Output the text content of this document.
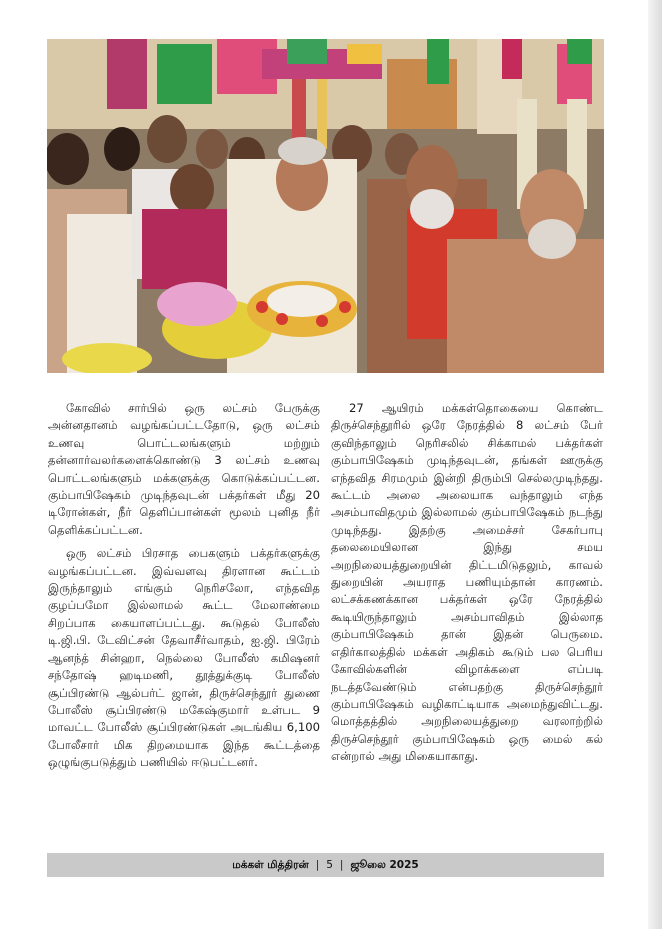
கோவில் சார்பில் ஒரு லட்சம் பேருக்கு அன்னதானம் வழங்கப்பட்டதோடு, ஒரு லட்சம் உணவு பொட்டலங்களும் மற்றும் தன்னார்வலர்களைக்கொண்டு 3 லட்சம் உணவு பொட்டலங்களும் மக்களுக்கு கொடுக்கப்பட்டன. கும்பாபிஷேகம் முடிந்தவுடன் பக்தர்கள் மீது 20 டிரோன்கள், நீர் தெளிப்பான்கள் மூலம் புனித நீர் தெளிக்கப்பட்டன.

ஒரு லட்சம் பிரசாத பைகளும் பக்தர்களுக்கு வழங்கப்பட்டன. இவ்வளவு திரளான கூட்டம் இருந்தாலும் எங்கும் நெரிசலோ, எந்தவித குழப்பமோ இல்லாமல் கூட்ட மேலாண்மை சிறப்பாக கையாளப்பட்டது. கூடுதல் போலீஸ் டி.ஜி.பி. டேவிட்சன் தேவாசீர்வாதம், ஐ.ஜி. பிரேம் ஆனந்த் சின்ஹா, நெல்லை போலீஸ் கமிஷனர் சந்தோஷ் ஹடிமணி, தூத்துக்குடி போலீஸ் சூப்பிரண்டு ஆல்பர்ட் ஜான், திருச்செந்தூர் துணை போலீஸ் சூப்பிரண்டு மகேஷ்குமார் உள்பட 9 மாவட்ட போலீஸ் சூப்பிரண்டுகள் அடங்கிய 6,100 போலீசார் மிக திறமையாக இந்த கூட்டத்தை ஒழுங்குபடுத்தும் பணியில் ஈடுபட்டனர்.

27 ஆயிரம் மக்கள்தொகையை கொண்ட திருச்செந்தூரில் ஒரே நேரத்தில் 8 லட்சம் பேர் குவிந்தாலும் நெரிசலில் சிக்காமல் பக்தர்கள் கும்பாபிஷேகம் முடிந்தவுடன், தங்கள் ஊருக்கு எந்தவித சிரமமும் இன்றி திரும்பி செல்லமுடிந்தது. கூட்டம் அலை அலையாக வந்தாலும் எந்த அசம்பாவிதமும் இல்லாமல் கும்பாபிஷேகம் நடந்து முடிந்தது. இதற்கு அமைச்சர் சேகர்பாபு தலைமையிலான இந்து சமய அறநிலையத்துறையின் திட்டமிடுதலும், காவல் துறையின் அயராத பணியும்தான் காரணம். லட்சக்கணக்கான பக்தர்கள் ஒரே நேரத்தில் கூடியிருந்தாலும் அசம்பாவிதம் இல்லாத கும்பாபிஷேகம் தான் இதன் பெருமை. எதிர்காலத்தில் மக்கள் அதிகம் கூடும் பல பெரிய கோவில்களின் விழாக்களை எப்படி நடத்தவேண்டும் என்பதற்கு திருச்செந்தூர் கும்பாபிஷேகம் வழிகாட்டியாக அமைந்துவிட்டது. மொத்தத்தில் அறநிலையத்துறை வரலாற்றில் திருச்செந்தூர் கும்பாபிஷேகம் ஒரு மைல் கல் என்றால் அது மிகையாகாது.

மக்கள் மித்திரன் | 5 | ஜூலை 2025
